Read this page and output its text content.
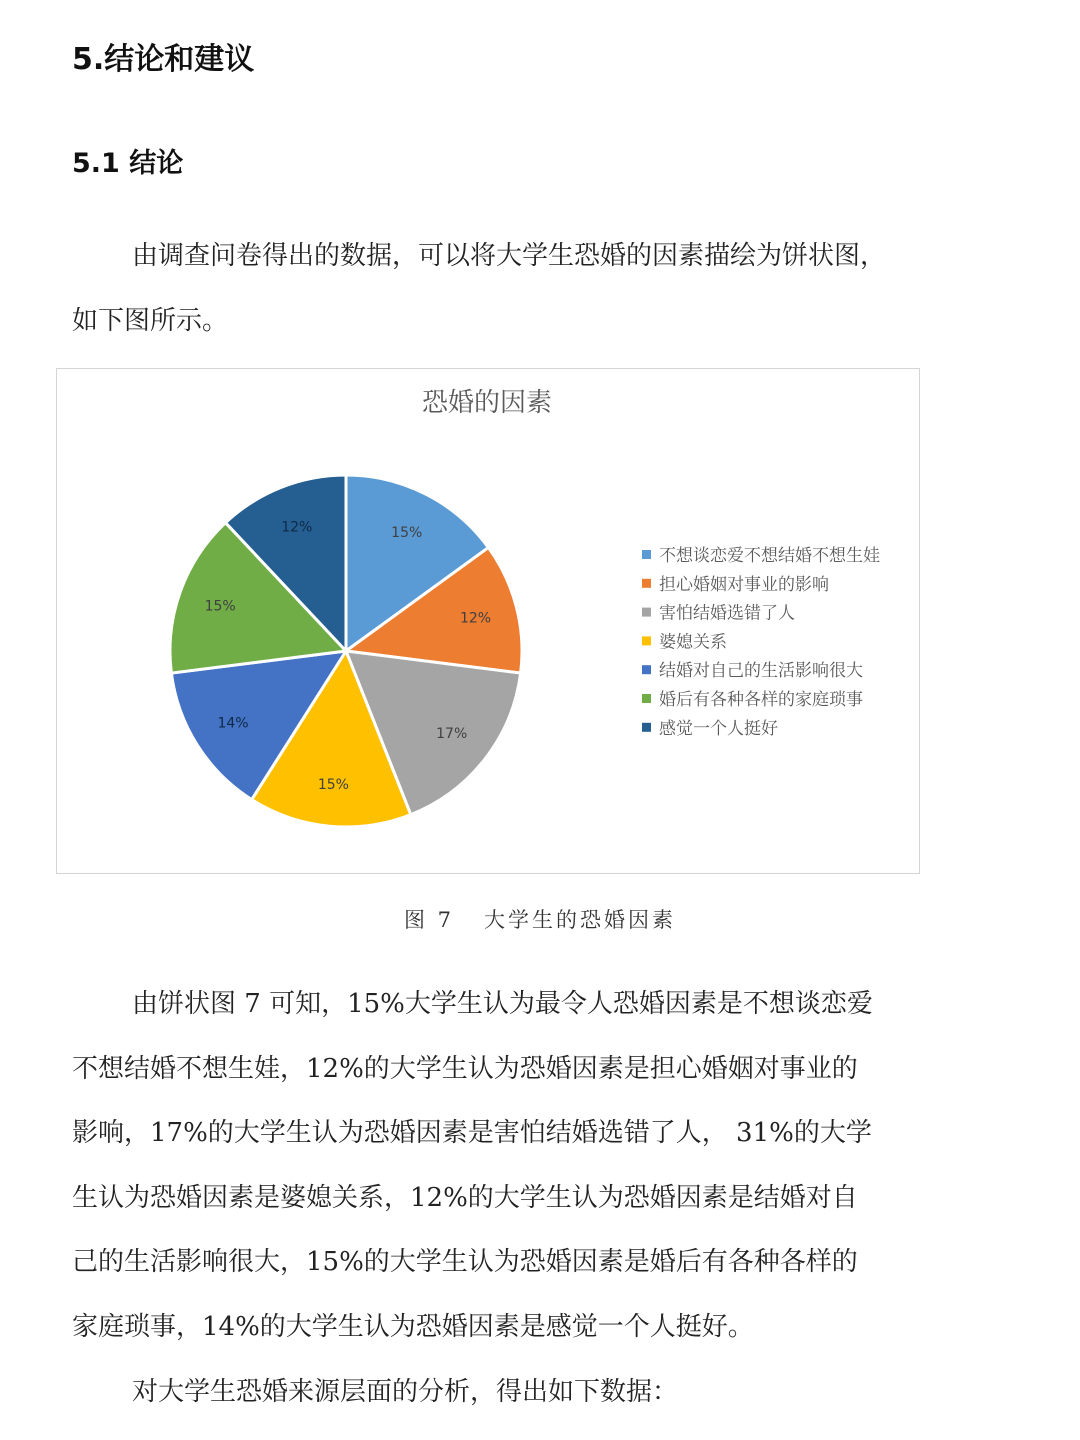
5.结论和建议
5.1 结论
由调查问卷得出的数据，可以将大学生恐婚的因素描绘为饼状图，
如下图所示。
恐婚的因素
15%
12%
17%
15%
14%
15%
12%
不想谈恋爱不想结婚不想生娃
担心婚姻对事业的影响
害怕结婚选错了人
婆媳关系
结婚对自己的生活影响很大
婚后有各种各样的家庭琐事
感觉一个人挺好
图 7 大学生的恐婚因素
由饼状图 7 可知，15%大学生认为最令人恐婚因素是不想谈恋爱
不想结婚不想生娃，12%的大学生认为恐婚因素是担心婚姻对事业的
影响，17%的大学生认为恐婚因素是害怕结婚选错了人， 31%的大学
生认为恐婚因素是婆媳关系，12%的大学生认为恐婚因素是结婚对自
己的生活影响很大，15%的大学生认为恐婚因素是婚后有各种各样的
家庭琐事，14%的大学生认为恐婚因素是感觉一个人挺好。
对大学生恐婚来源层面的分析，得出如下数据：
